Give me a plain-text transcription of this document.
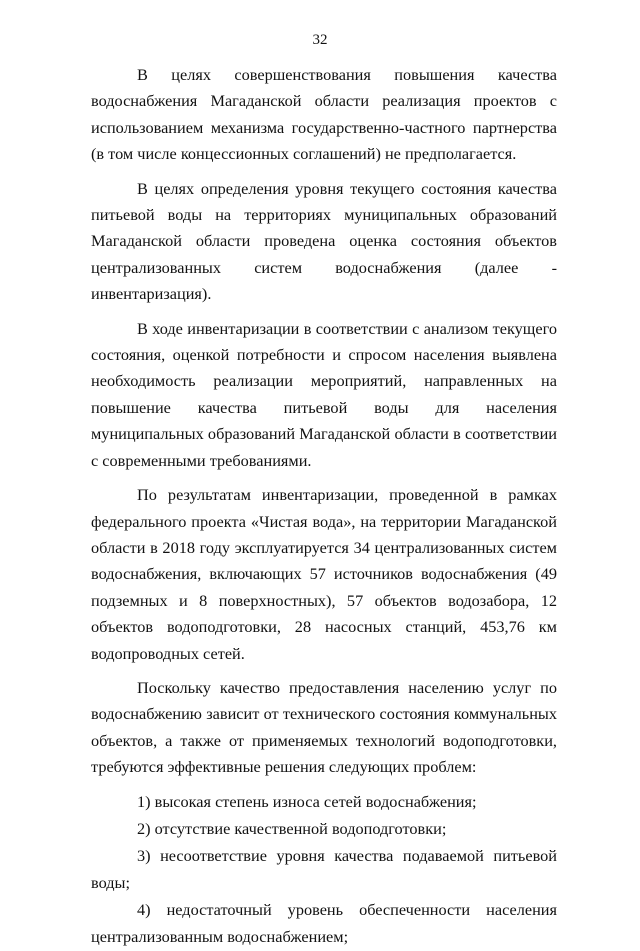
32

В целях совершенствования повышения качества водоснабжения Магаданской области реализация проектов с использованием механизма государственно-частного партнерства (в том числе концессионных соглашений) не предполагается.

В целях определения уровня текущего состояния качества питьевой воды на территориях муниципальных образований Магаданской области проведена оценка состояния объектов централизованных систем водоснабжения (далее - инвентаризация).

В ходе инвентаризации в соответствии с анализом текущего состояния, оценкой потребности и спросом населения выявлена необходимость реализации мероприятий, направленных на повышение качества питьевой воды для населения муниципальных образований Магаданской области в соответствии с современными требованиями.

По результатам инвентаризации, проведенной в рамках федерального проекта «Чистая вода», на территории Магаданской области в 2018 году эксплуатируется 34 централизованных систем водоснабжения, включающих 57 источников водоснабжения (49 подземных и 8 поверхностных), 57 объектов водозабора, 12 объектов водоподготовки, 28 насосных станций, 453,76 км водопроводных сетей.

Поскольку качество предоставления населению услуг по водоснабжению зависит от технического состояния коммунальных объектов, а также от применяемых технологий водоподготовки, требуются эффективные решения следующих проблем:

1) высокая степень износа сетей водоснабжения;

2) отсутствие качественной водоподготовки;

3) несоответствие уровня качества подаваемой питьевой воды;

4) недостаточный уровень обеспеченности населения централизованным водоснабжением;
